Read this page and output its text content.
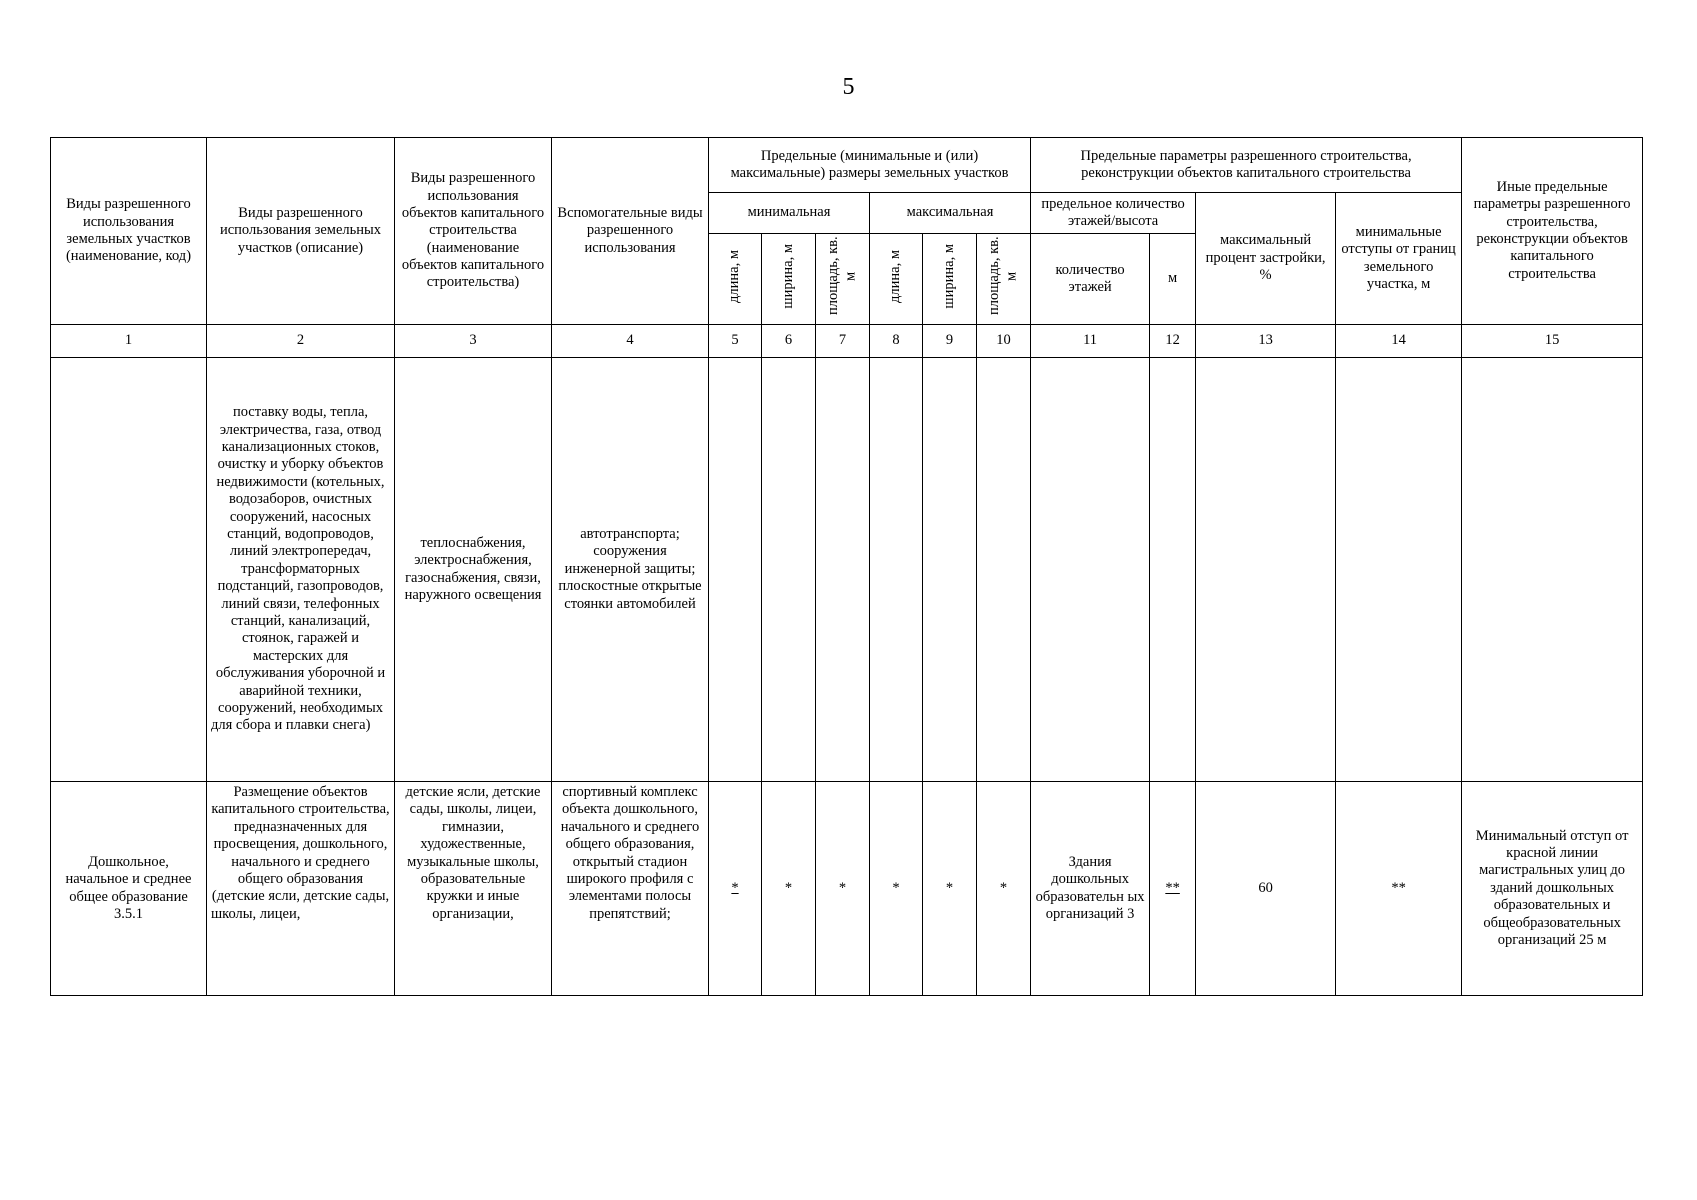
5
Виды разрешенного использования земельных участков (наименование, код)	Виды разрешенного использования земельных участков (описание)	Виды разрешенного использования объектов капитального строительства (наименование объектов капитального строительства)	Вспомогательные виды разрешенного использования	Предельные (минимальные и (или) максимальные) размеры земельных участков						Предельные параметры разрешенного строительства, реконструкции объектов капитального строительства				Иные предельные параметры разрешенного строительства, реконструкции объектов капитального строительства
				минимальная			максимальная			предельное количество этажей/высота		максимальный процент застройки, %	минимальные отступы от границ земельного участка, м	
				длина, м	ширина, м	площадь, кв. м	длина, м	ширина, м	площадь, кв. м	количество этажей	м			
1	2	3	4	5	6	7	8	9	10	11	12	13	14	15
	поставку воды, тепла, электричества, газа, отвод канализационных стоков, очистку и уборку объектов недвижимости (котельных, водозаборов, очистных сооружений, насосных станций, водопроводов, линий электропередач, трансформаторных подстанций, газопроводов, линий связи, телефонных станций, канализаций, стоянок, гаражей и мастерских для обслуживания уборочной и аварийной техники, сооружений, необходимых для сбора и плавки снега)	теплоснабжения, электроснабжения, газоснабжения, связи, наружного освещения	автотранспорта; сооружения инженерной защиты; плоскостные открытые стоянки автомобилей											
Дошкольное, начальное и среднее общее образование 3.5.1	Размещение объектов капитального строительства, предназначенных для просвещения, дошкольного, начального и среднего общего образования (детские ясли, детские сады, школы, лицеи,	детские ясли, детские сады, школы, лицеи, гимназии, художественные, музыкальные школы, образовательные кружки и иные организации,	спортивный комплекс объекта дошкольного, начального и среднего общего образования, открытый стадион широкого профиля с элементами полосы препятствий;	*	*	*	*	*	*	Здания дошкольных образовательн ых организаций 3	**	60	**	Минимальный отступ от красной линии магистральных улиц до зданий дошкольных образовательных и общеобразовательных организаций 25 м
